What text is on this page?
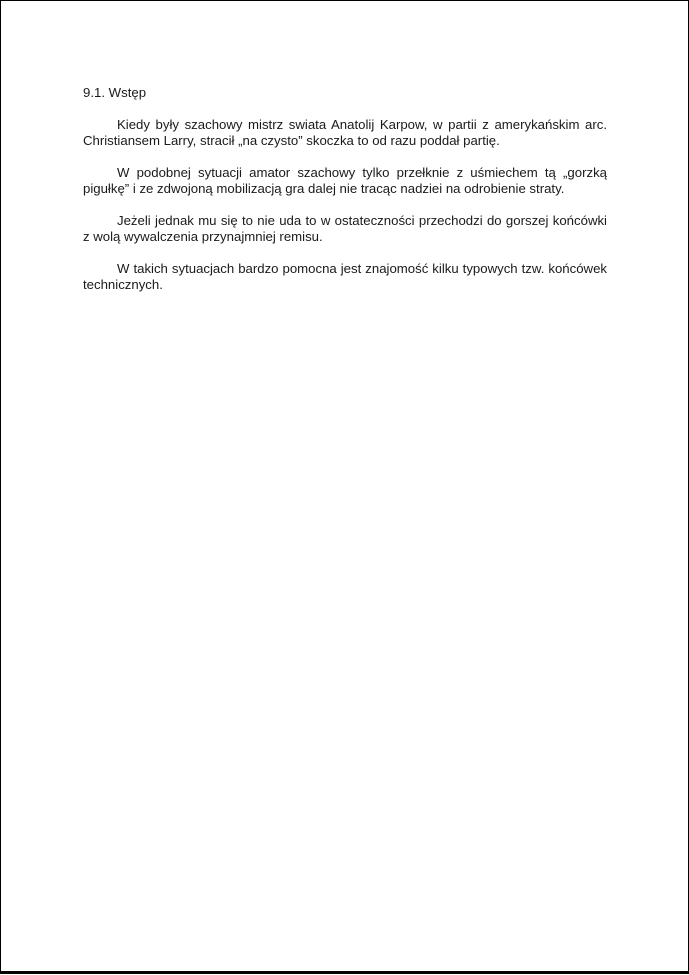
9.1. Wstęp

Kiedy były szachowy mistrz swiata Anatolij Karpow, w partii z amerykańskim arc. Christiansem Larry, stracił „na czysto” skoczka to od razu poddał partię.

W podobnej sytuacji amator szachowy tylko przełknie z uśmiechem tą „gorzką pigułkę” i ze zdwojoną mobilizacją gra dalej nie tracąc nadziei na odrobienie straty.

Jeżeli jednak mu się to nie uda to w ostateczności przechodzi do gorszej końcówki z wolą wywalczenia przynajmniej remisu.

W takich sytuacjach bardzo pomocna jest znajomość kilku typowych tzw. końcówek technicznych.
